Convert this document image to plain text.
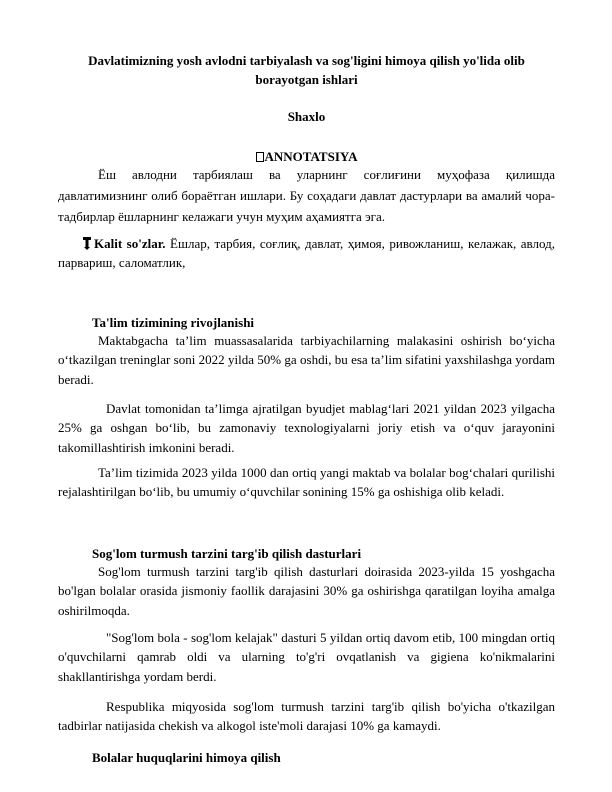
Davlatimizning yosh avlodni tarbiyalash va sog'ligini himoya qilish yo'lida olib borayotgan ishlari
Shaxlo
ANNOTATSIYA
Ёш авлодни тарбиялаш ва уларнинг соғлиғини муҳофаза қилишда давлатимизнинг олиб бораётган ишлари. Бу соҳадаги давлат дастурлари ва амалий чора-тадбирлар ёшларнинг келажаги учун муҳим аҳамиятга эга.
Kalit so'zlar. Ёшлар, тарбия, соғлиқ, давлат, ҳимоя, ривожланиш, келажак, авлод, парвариш, саломатлик,
Ta'lim tizimining rivojlanishi
Maktabgacha ta’lim muassasalarida tarbiyachilarning malakasini oshirish bo‘yicha o‘tkazilgan treninglar soni 2022 yilda 50% ga oshdi, bu esa ta’lim sifatini yaxshilashga yordam beradi.
Davlat tomonidan ta’limga ajratilgan byudjet mablag‘lari 2021 yildan 2023 yilgacha 25% ga oshgan bo‘lib, bu zamonaviy texnologiyalarni joriy etish va o‘quv jarayonini takomillashtirish imkonini beradi.
Ta’lim tizimida 2023 yilda 1000 dan ortiq yangi maktab va bolalar bog‘chalari qurilishi rejalashtirilgan bo‘lib, bu umumiy o‘quvchilar sonining 15% ga oshishiga olib keladi.
Sog'lom turmush tarzini targ'ib qilish dasturlari
Sog'lom turmush tarzini targ'ib qilish dasturlari doirasida 2023-yilda 15 yoshgacha bo'lgan bolalar orasida jismoniy faollik darajasini 30% ga oshirishga qaratilgan loyiha amalga oshirilmoqda.
"Sog'lom bola - sog'lom kelajak" dasturi 5 yildan ortiq davom etib, 100 mingdan ortiq o'quvchilarni qamrab oldi va ularning to'g'ri ovqatlanish va gigiena ko'nikmalarini shakllantirishga yordam berdi.
Respublika miqyosida sog'lom turmush tarzini targ'ib qilish bo'yicha o'tkazilgan tadbirlar natijasida chekish va alkogol iste'moli darajasi 10% ga kamaydi.
Bolalar huquqlarini himoya qilish
